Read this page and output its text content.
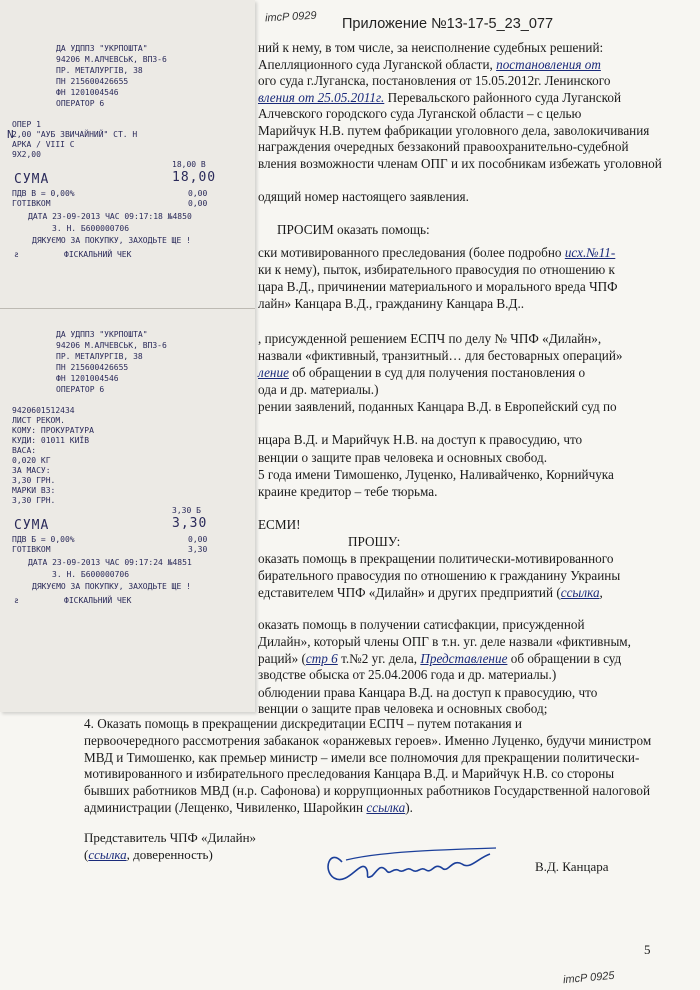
Приложение №13-17-5_23_077
imcP 0929
ний к нему, в том числе, за неисполнение судебных решений:
Апелляционного суда Луганской области, постановления от
ого суда г.Луганска, постановления от 15.05.2012г. Ленинского
вления от 25.05.2011г. Перевальского районного суда Луганской
Алчевского городского суда Луганской области – с целью
Марийчук Н.В. путем фабрикации уголовного дела, заволокичивания
награждения очередных беззаконий правоохранительно-судебной
вления возможности членам ОПГ и их пособникам избежать уголовной
одящий номер настоящего заявления.
ПРОСИМ оказать помощь:
ски мотивированного преследования (более подробно исх.№11-
ки к нему), пыток, избирательного правосудия по отношению к
цара В.Д., причинении материального и морального вреда ЧПФ
лайн» Канцара В.Д., гражданину Канцара В.Д..
, присужденной решением ЕСПЧ по делу № ЧПФ «Дилайн»,
назвали «фиктивный, транзитный… для бестоварных операций»
ление об обращении в суд для получения постановления о
ода и др. материалы.)
рении заявлений, поданных Канцара В.Д. в Европейский суд по
нцара В.Д. и Марийчук Н.В. на доступ к правосудию, что
венции о защите прав человека и основных свобод.
5 года имени Тимошенко, Луценко, Наливайченко, Корнийчука
краине кредитор – тебе тюрьма.
ЕСМИ!
ПРОШУ:
оказать помощь в прекращении политически-мотивированного
бирательного правосудия по отношению к гражданину Украины
едставителем ЧПФ «Дилайн» и других предприятий (ссылка,
оказать помощь в получении сатисфакции, присужденной
Дилайн», который члены ОПГ в т.н. уг. деле назвали «фиктивным,
раций» (стр 6 т.№2 уг. дела, Представление об обращении в суд
зводстве обыска от 25.04.2006 года и др. материалы.)
облюдении права Канцара В.Д. на доступ к правосудию, что
венции о защите прав человека и основных свобод;
4. Оказать помощь в прекращении дискредитации ЕСПЧ – путем потакания и
первоочередного рассмотрения забаканок «оранжевых героев». Именно Луценко, будучи министром
МВД и Тимошенко, как премьер министр – имели все полномочия для прекращении политически-
мотивированного и избирательного преследования Канцара В.Д. и Марийчук Н.В. со стороны
бывших работников МВД (н.р. Сафонова) и коррупционных работников Государственной налоговой
администрации (Лещенко, Чивиленко, Шаройкин ссылка).
ДА УДППЗ "УКРПОШТА"
94206 М.АЛЧЕВСЬК, ВПЗ-6
ПР. МЕТАЛУРГІВ, 38
ПН 215600426655
ФН 1201004546
ОПЕРАТОР 6
ОПЕР 1
2,00 "АУБ ЗВИЧАЙНИЙ" СТ. Н
АРКА / VIII С
9Х2,00
18,00 В
СУМА	18,00
ПДВ В = 0,00%	0,00
ГОТІВКОМ	0,00
ДАТА 23-09-2013 ЧАС 09:17:18 №4850
З. Н. Б600000706
ДЯКУЄМО ЗА ПОКУПКУ, ЗАХОДЬТЕ ЩЕ !
ƨ	ФІСКАЛЬНИЙ ЧЕК
ДА УДППЗ "УКРПОШТА"
94206 М.АЛЧЕВСЬК, ВПЗ-6
ПР. МЕТАЛУРГІВ, 38
ПН 215600426655
ФН 1201004546
ОПЕРАТОР 6
9420601512434
ЛИСТ РЕКОМ.
КОМУ: ПРОКУРАТУРА
КУДИ: 01011 КИЇВ
ВАСА:
0,020 КГ
ЗА МАСУ:
3,30 ГРН.
МАРКИ ВЗ:
3,30 ГРН.
3,30 Б
СУМА	3,30
ПДВ Б = 0,00%	0,00
ГОТІВКОМ	3,30
ДАТА 23-09-2013 ЧАС 09:17:24 №4851
З. Н. Б600000706
ДЯКУЄМО ЗА ПОКУПКУ, ЗАХОДЬТЕ ЩЕ !
ƨ	ФІСКАЛЬНИЙ ЧЕК
N
Представитель ЧПФ «Дилайн»
(ссылка, доверенность)
В.Д. Канцара
5
imcP 0925
